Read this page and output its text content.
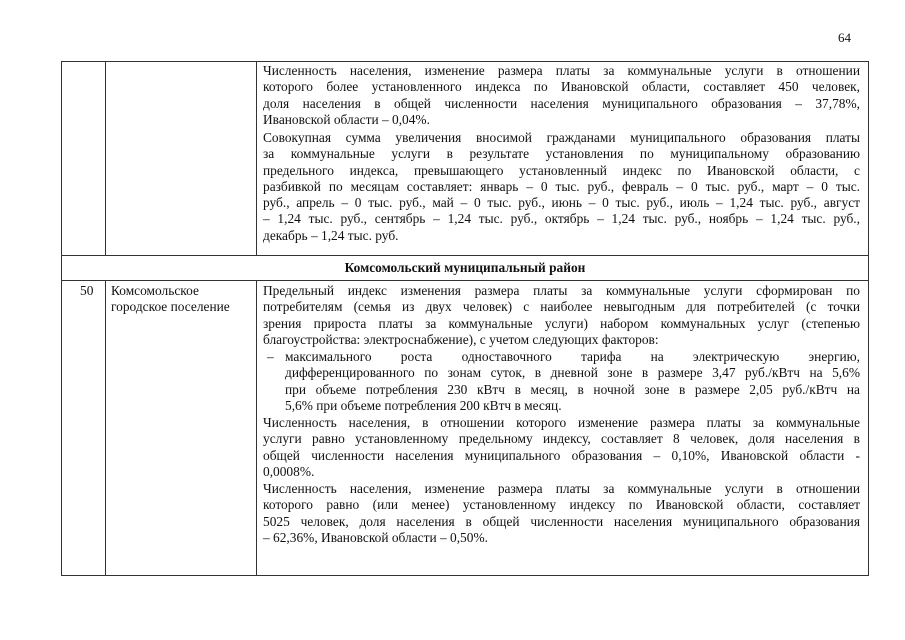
64
Численность населения, изменение размера платы за коммунальные услуги в отношении
которого более установленного индекса по Ивановской области, составляет 450 человек,
доля населения в общей численности населения муниципального образования – 37,78%,
Ивановской области – 0,04%.
Совокупная сумма увеличения вносимой гражданами муниципального образования платы
за коммунальные услуги в результате установления по муниципальному образованию
предельного индекса, превышающего установленный индекс по Ивановской области, с
разбивкой по месяцам составляет: январь – 0 тыс. руб., февраль – 0 тыс. руб., март – 0 тыс.
руб., апрель – 0 тыс. руб., май – 0 тыс. руб., июнь – 0 тыс. руб., июль – 1,24 тыс. руб., август
– 1,24 тыс. руб., сентябрь – 1,24 тыс. руб., октябрь – 1,24 тыс. руб., ноябрь – 1,24 тыс. руб.,
декабрь – 1,24 тыс. руб.
Комсомольский муниципальный район
50 Комсомольское
городское поселение
Предельный индекс изменения размера платы за коммунальные услуги сформирован по
потребителям (семья из двух человек) с наиболее невыгодным для потребителей (с точки
зрения прироста платы за коммунальные услуги) набором коммунальных услуг (степенью
благоустройства: электроснабжение), с учетом следующих факторов:
– максимального роста одноставочного тарифа на электрическую энергию,
дифференцированного по зонам суток, в дневной зоне в размере 3,47 руб./кВтч на 5,6%
при объеме потребления 230 кВтч в месяц, в ночной зоне в размере 2,05 руб./кВтч на
5,6% при объеме потребления 200 кВтч в месяц.
Численность населения, в отношении которого изменение размера платы за коммунальные
услуги равно установленному предельному индексу, составляет 8 человек, доля населения в
общей численности населения муниципального образования – 0,10%, Ивановской области -
0,0008%.
Численность населения, изменение размера платы за коммунальные услуги в отношении
которого равно (или менее) установленному индексу по Ивановской области, составляет
5025 человек, доля населения в общей численности населения муниципального образования
– 62,36%, Ивановской области – 0,50%.
